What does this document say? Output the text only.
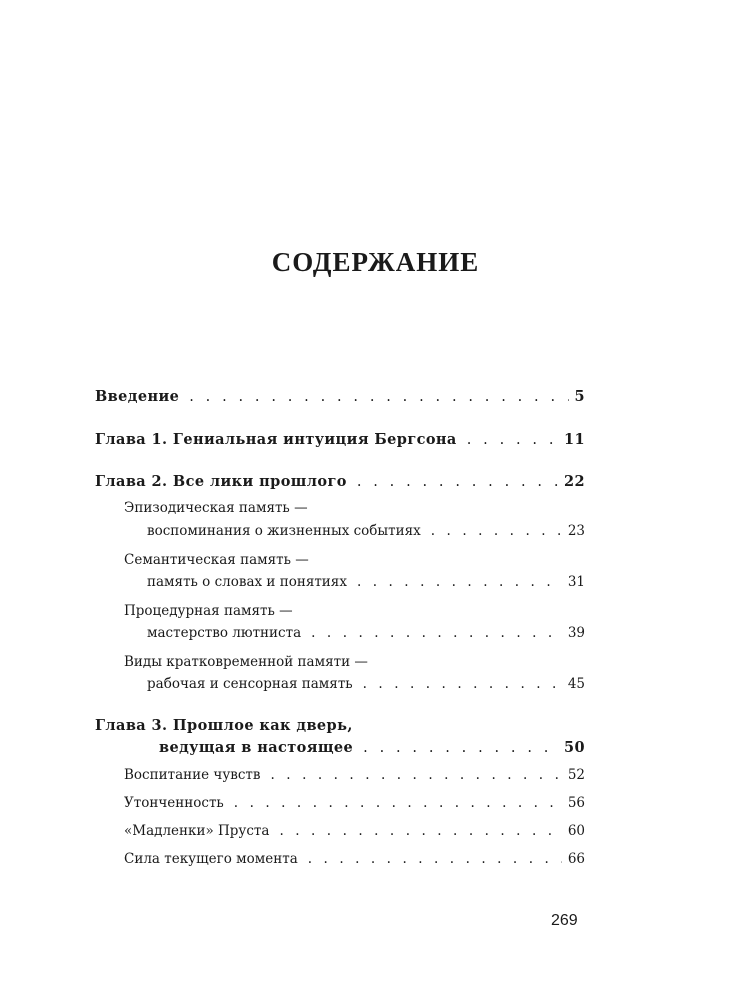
СОДЕРЖАНИЕ
Введение . . .	5
Глава 1. Гениальная интуиция Бергсона . . .	11
Глава 2. Все лики прошлого . . .	22
Эпизодическая память —
воспоминания о жизненных событиях . . .	23
Семантическая память —
память о словах и понятиях . . .	31
Процедурная память —
мастерство лютниста . . .	39
Виды кратковременной памяти —
рабочая и сенсорная память . . .	45
Глава 3. Прошлое как дверь,
ведущая в настоящее . . .	50
Воспитание чувств . . .	52
Утонченность . . .	56
«Мадленки» Пруста . . .	60
Сила текущего момента . . .	66
269
